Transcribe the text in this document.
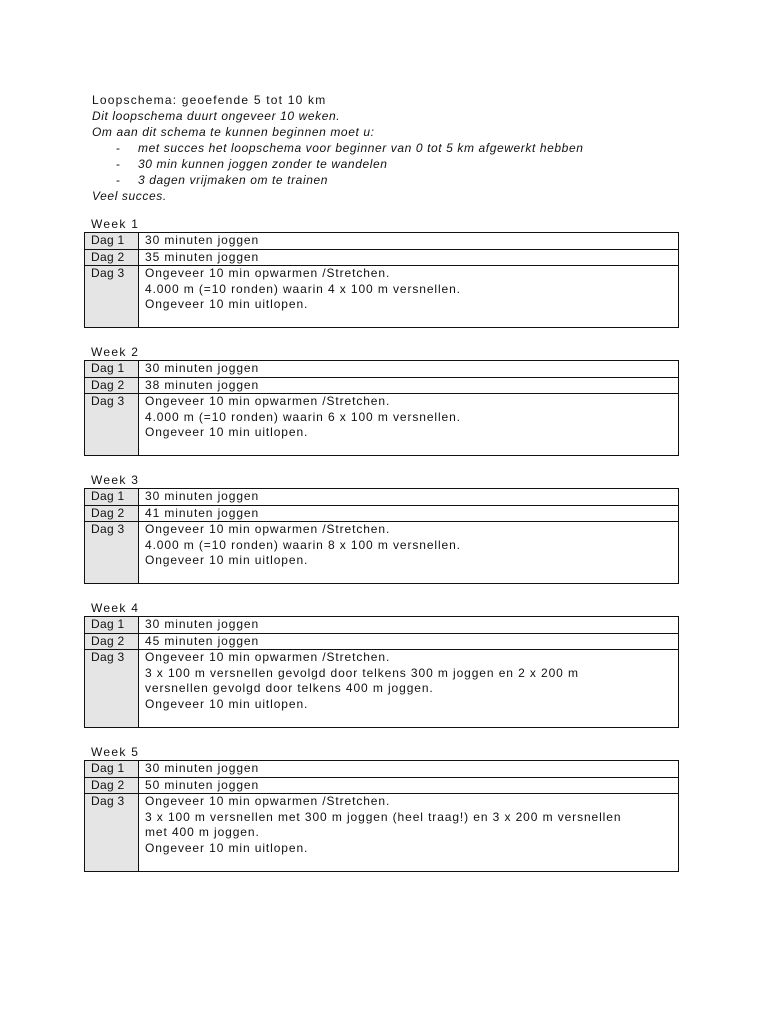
Loopschema: geoefende 5 tot 10 km
Dit loopschema duurt ongeveer 10 weken.
Om aan dit schema te kunnen beginnen moet u:
- met succes het loopschema voor beginner van 0 tot 5 km afgewerkt hebben
- 30 min kunnen joggen zonder te wandelen
- 3 dagen vrijmaken om te trainen
Veel succes.
Week 1
Dag 1	30 minuten joggen

Dag 2	35 minuten joggen

Dag 3	Ongeveer 10 min opwarmen /Stretchen.
4.000 m (=10 ronden) waarin 4 x 100 m versnellen.
Ongeveer 10 min uitlopen.
Week 2
Dag 1	30 minuten joggen

Dag 2	38 minuten joggen

Dag 3	Ongeveer 10 min opwarmen /Stretchen.
4.000 m (=10 ronden) waarin 6 x 100 m versnellen.
Ongeveer 10 min uitlopen.
Week 3
Dag 1	30 minuten joggen

Dag 2	41 minuten joggen

Dag 3	Ongeveer 10 min opwarmen /Stretchen.
4.000 m (=10 ronden) waarin 8 x 100 m versnellen.
Ongeveer 10 min uitlopen.
Week 4
Dag 1	30 minuten joggen

Dag 2	45 minuten joggen

Dag 3	Ongeveer 10 min opwarmen /Stretchen.
3 x 100 m versnellen gevolgd door telkens 300 m joggen en 2 x 200 m
versnellen gevolgd door telkens 400 m joggen.
Ongeveer 10 min uitlopen.
Week 5
Dag 1	30 minuten joggen

Dag 2	50 minuten joggen

Dag 3	Ongeveer 10 min opwarmen /Stretchen.
3 x 100 m versnellen met 300 m joggen (heel traag!) en 3 x 200 m versnellen
met 400 m joggen.
Ongeveer 10 min uitlopen.
